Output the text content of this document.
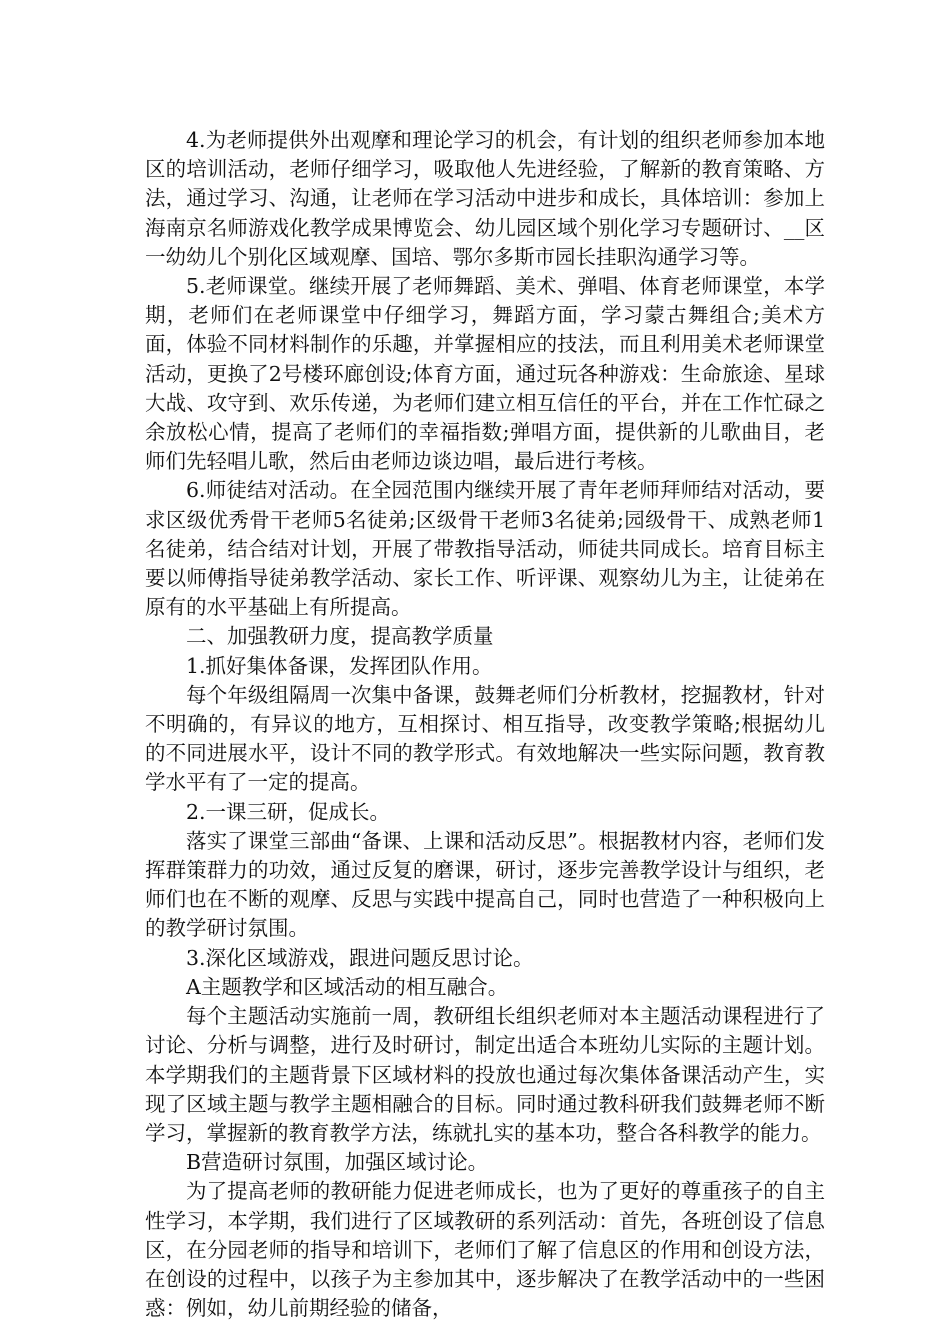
4.为老师提供外出观摩和理论学习的机会，有计划的组织老师参加本地区的培训活动，老师仔细学习，吸取他人先进经验，了解新的教育策略、方法，通过学习、沟通，让老师在学习活动中进步和成长，具体培训：参加上海南京名师游戏化教学成果博览会、幼儿园区域个别化学习专题研讨、__区一幼幼儿个别化区域观摩、国培、鄂尔多斯市园长挂职沟通学习等。

5.老师课堂。继续开展了老师舞蹈、美术、弹唱、体育老师课堂，本学期，老师们在老师课堂中仔细学习，舞蹈方面，学习蒙古舞组合;美术方面，体验不同材料制作的乐趣，并掌握相应的技法，而且利用美术老师课堂活动，更换了2号楼环廊创设;体育方面，通过玩各种游戏：生命旅途、星球大战、攻守到、欢乐传递，为老师们建立相互信任的平台，并在工作忙碌之余放松心情，提高了老师们的幸福指数;弹唱方面，提供新的儿歌曲目，老师们先轻唱儿歌，然后由老师边谈边唱，最后进行考核。

6.师徒结对活动。在全园范围内继续开展了青年老师拜师结对活动，要求区级优秀骨干老师5名徒弟;区级骨干老师3名徒弟;园级骨干、成熟老师1名徒弟，结合结对计划，开展了带教指导活动，师徒共同成长。培育目标主要以师傅指导徒弟教学活动、家长工作、听评课、观察幼儿为主，让徒弟在原有的水平基础上有所提高。

二、加强教研力度，提高教学质量

1.抓好集体备课，发挥团队作用。

每个年级组隔周一次集中备课，鼓舞老师们分析教材，挖掘教材，针对不明确的，有异议的地方，互相探讨、相互指导，改变教学策略;根据幼儿的不同进展水平，设计不同的教学形式。有效地解决一些实际问题，教育教学水平有了一定的提高。

2.一课三研，促成长。

落实了课堂三部曲“备课、上课和活动反思”。根据教材内容，老师们发挥群策群力的功效，通过反复的磨课，研讨，逐步完善教学设计与组织，老师们也在不断的观摩、反思与实践中提高自己，同时也营造了一种积极向上的教学研讨氛围。

3.深化区域游戏，跟进问题反思讨论。

A主题教学和区域活动的相互融合。

每个主题活动实施前一周，教研组长组织老师对本主题活动课程进行了讨论、分析与调整，进行及时研讨，制定出适合本班幼儿实际的主题计划。本学期我们的主题背景下区域材料的投放也通过每次集体备课活动产生，实现了区域主题与教学主题相融合的目标。同时通过教科研我们鼓舞老师不断学习，掌握新的教育教学方法，练就扎实的基本功，整合各科教学的能力。

B营造研讨氛围，加强区域讨论。

为了提高老师的教研能力促进老师成长，也为了更好的尊重孩子的自主性学习，本学期，我们进行了区域教研的系列活动：首先，各班创设了信息区，在分园老师的指导和培训下，老师们了解了信息区的作用和创设方法，在创设的过程中，以孩子为主参加其中，逐步解决了在教学活动中的一些困惑：例如，幼儿前期经验的储备，
